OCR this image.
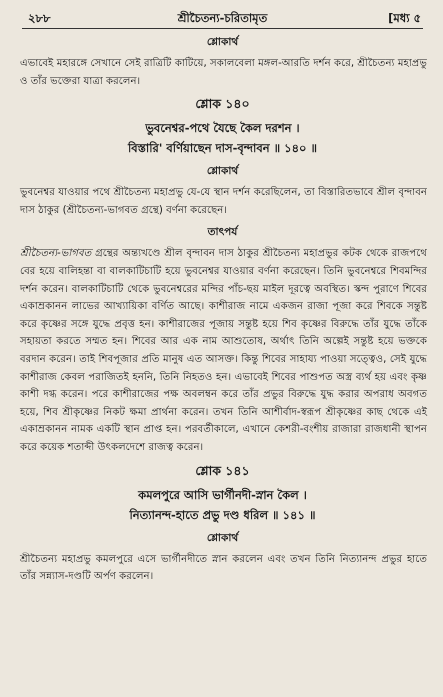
২৮৮	শ্রীচৈতন্য-চরিতামৃত	[মধ্য ৫
শ্লোকার্থ

এভাবেই মহারঙ্গে সেখানে সেই রাত্রিটি কাটিয়ে, সকালবেলা মঙ্গল-আরতি দর্শন করে, শ্রীচৈতন্য মহাপ্রভু ও তাঁর ভক্তেরা যাত্রা করলেন।

শ্লোক ১৪০
ভুবনেশ্বর-পথে যৈছে কৈল দরশন ।
বিস্তারি' বর্ণিয়াছেন দাস-বৃন্দাবন ॥ ১৪০ ॥
শ্লোকার্থ

ভুবনেশ্বর যাওয়ার পথে শ্রীচৈতন্য মহাপ্রভু যে-যে স্থান দর্শন করেছিলেন, তা বিস্তারিতভাবে শ্রীল বৃন্দাবন দাস ঠাকুর (শ্রীচৈতন্য-ভাগবত গ্রন্থে) বর্ণনা করেছেন।

তাৎপর্য

শ্রীচৈতন্য-ভাগবত গ্রন্থের অন্ত্যখণ্ডে শ্রীল বৃন্দাবন দাস ঠাকুর শ্রীচৈতন্য মহাপ্রভুর কটক থেকে রাজপথে বের হয়ে বালিহন্তা বা বালকাটিচাটি হয়ে ভুবনেশ্বর যাওয়ার বর্ণনা করেছেন। তিনি ভুবনেশ্বরে শিবমন্দির দর্শন করেন। বালকাটিচাটি থেকে ভুবনেশ্বরের মন্দির পাঁচ-ছয় মাইল দূরত্বে অবস্থিত। স্কন্দ পুরাণে শিবের একাম্রকানন লাভের আখ্যায়িকা বর্ণিত আছে। কাশীরাজ নামে একজন রাজা পূজা করে শিবকে সন্তুষ্ট করে কৃষ্ণের সঙ্গে যুদ্ধে প্রবৃত্ত হন। কাশীরাজের পূজায় সন্তুষ্ট হয়ে শিব কৃষ্ণের বিরুদ্ধে তাঁর যুদ্ধে তাঁকে সহায়তা করতে সম্মত হন। শিবের আর এক নাম আশুতোষ, অর্থাৎ তিনি অল্পেই সন্তুষ্ট হয়ে ভক্তকে বরদান করেন। তাই শিবপূজার প্রতি মানুষ এত আসক্ত। কিন্তু শিবের সাহায্য পাওয়া সত্ত্বেও, সেই যুদ্ধে কাশীরাজ কেবল পরাজিতই হননি, তিনি নিহতও হন। এভাবেই শিবের পাশুপত অস্ত্র ব্যর্থ হয় এবং কৃষ্ণ কাশী দগ্ধ করেন। পরে কাশীরাজের পক্ষ অবলম্বন করে তাঁর প্রভুর বিরুদ্ধে যুদ্ধ করার অপরাধ অবগত হয়ে, শিব শ্রীকৃষ্ণের নিকট ক্ষমা প্রার্থনা করেন। তখন তিনি আশীর্বাদ-স্বরূপ শ্রীকৃষ্ণের কাছ থেকে এই একাম্রকানন নামক একটি স্থান প্রাপ্ত হন। পরবর্তীকালে, এখানে কেশরী-বংশীয় রাজারা রাজধানী স্থাপন করে কয়েক শতাব্দী উৎকলদেশে রাজত্ব করেন।

শ্লোক ১৪১
কমলপুরে আসি ভার্গীনদী-স্নান কৈল ।
নিত্যানন্দ-হাতে প্রভু দণ্ড ধরিল ॥ ১৪১ ॥
শ্লোকার্থ

শ্রীচৈতন্য মহাপ্রভু কমলপুরে এসে ভার্গীনদীতে স্নান করলেন এবং তখন তিনি নিত্যানন্দ প্রভুর হাতে তাঁর সন্ন্যাস-দণ্ডটি অর্পণ করলেন।
